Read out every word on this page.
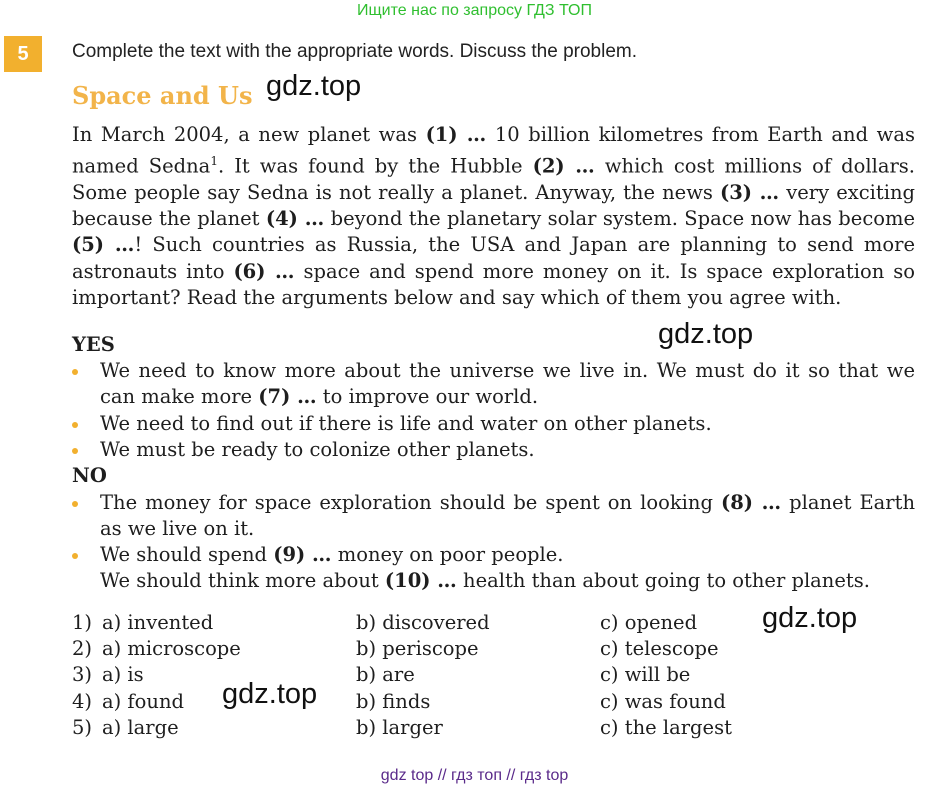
Ищите нас по запросу ГДЗ ТОП
5	Complete the text with the appropriate words. Discuss the problem.
Space and Us gdz.top
gdz.top
gdz.top
gdz.top

In March 2004, a new planet was (1) … 10 billion kilometres from Earth and was named Sedna$^1$. It was found by the Hubble (2) … which cost millions of dollars. Some people say Sedna is not really a planet. Anyway, the news (3) … very exciting because the planet (4) … beyond the planetary solar system. Space now has become (5) …! Such countries as Russia, the USA and Japan are planning to send more astronauts into (6) … space and spend more money on it. Is space exploration so important? Read the arguments below and say which of them you agree with.

YES
We need to know more about the universe we live in. We must do it so that we can make more (7) … to improve our world.
We need to find out if there is life and water on other planets.
We must be ready to colonize other planets.
NO
The money for space exploration should be spent on looking (8) … planet Earth as we live on it.
We should spend (9) … money on poor people.
We should think more about (10) … health than about going to other planets.
1) a) invented	b) discovered	c) opened
2) a) microscope	b) periscope	c) telescope
3) a) is	b) are	c) will be
4) a) found	b) finds	c) was found
5) a) large	b) larger	c) the largest
gdz top // гдз топ // гдз top
